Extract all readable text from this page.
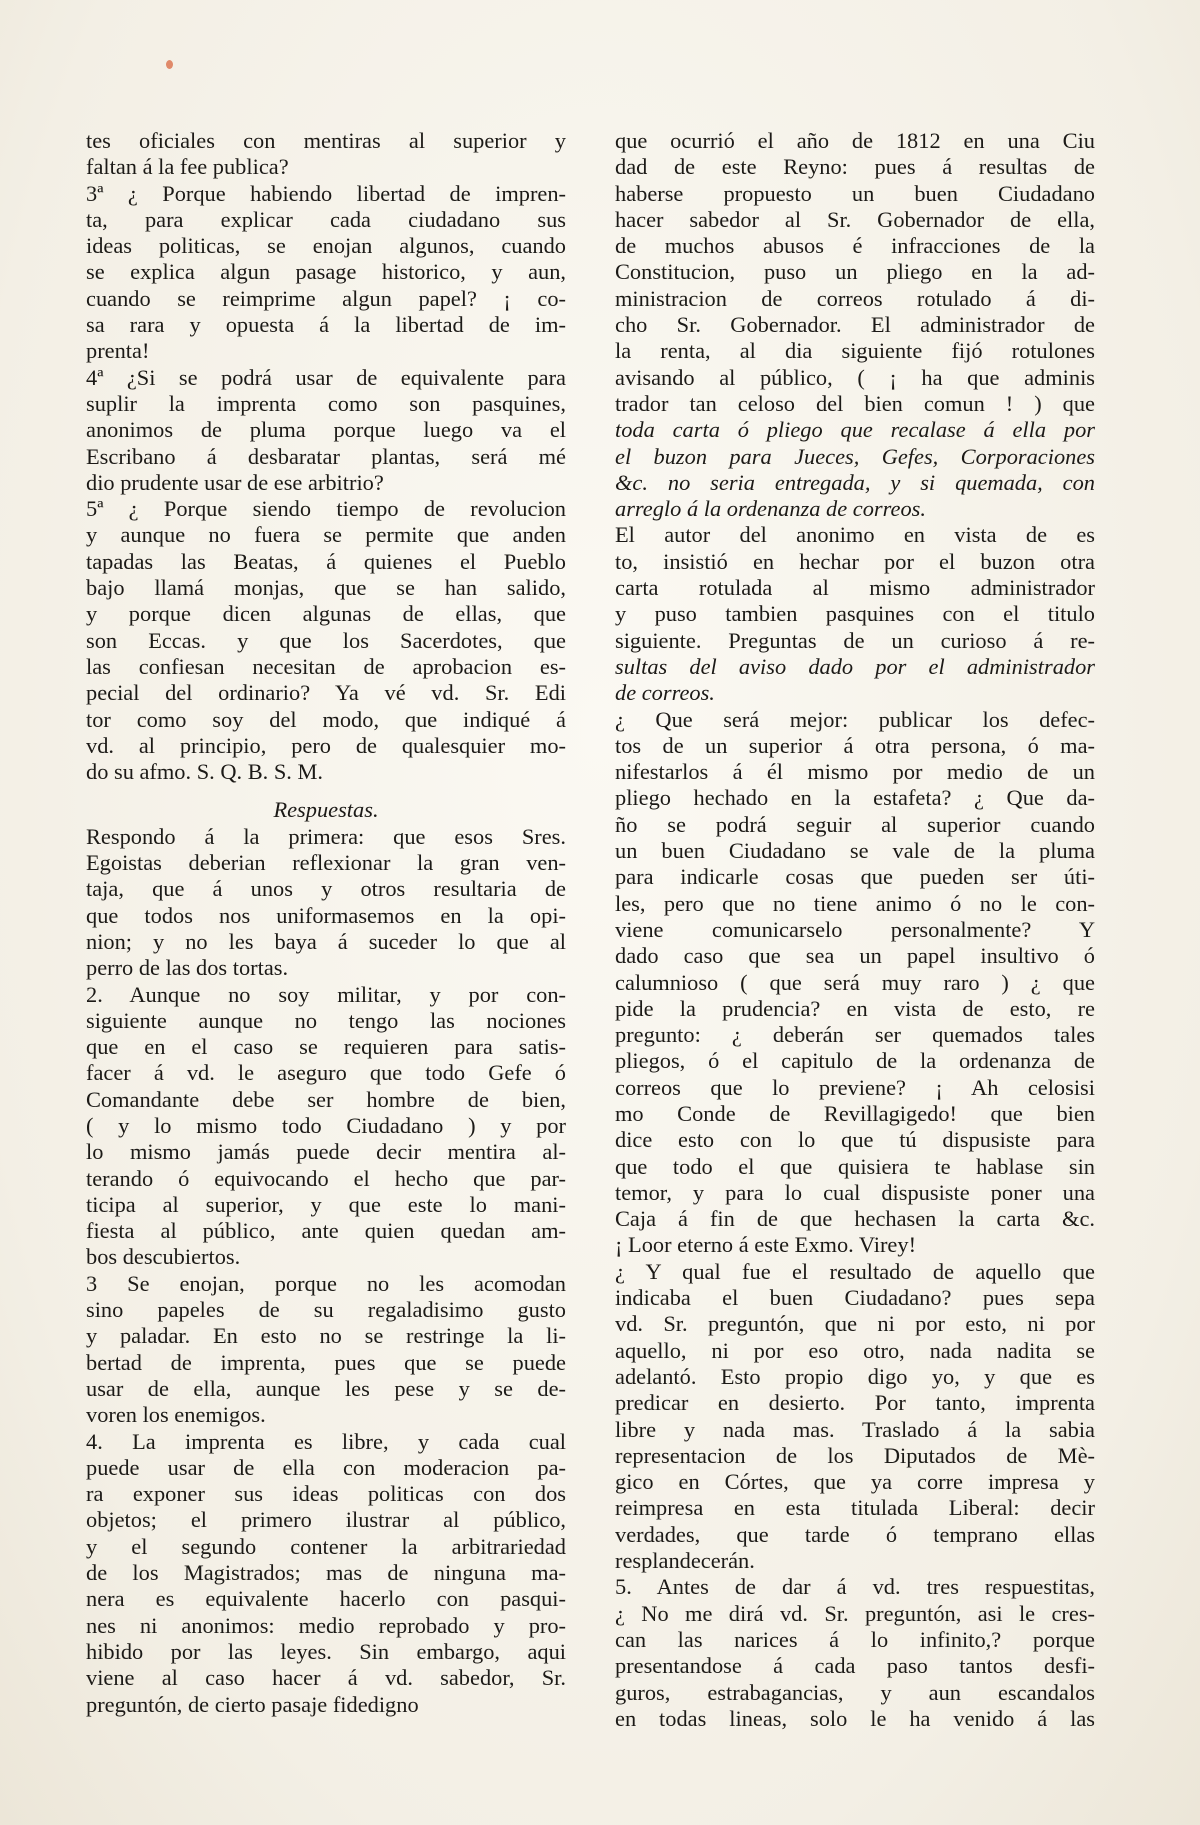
tes oficiales con mentiras al superior y
faltan á la fee publica?
3ª ¿ Porque habiendo libertad de impren-
ta, para explicar cada ciudadano sus
ideas politicas, se enojan algunos, cuando
se explica algun pasage historico, y aun,
cuando se reimprime algun papel? ¡ co-
sa rara y opuesta á la libertad de im-
prenta!
4ª ¿Si se podrá usar de equivalente para
suplir la imprenta como son pasquines,
anonimos de pluma porque luego va el
Escribano á desbaratar plantas, será mé
dio prudente usar de ese arbitrio?
5ª ¿ Porque siendo tiempo de revolucion
y aunque no fuera se permite que anden
tapadas las Beatas, á quienes el Pueblo
bajo llamá monjas, que se han salido,
y porque dicen algunas de ellas, que
son Eccas. y que los Sacerdotes, que
las confiesan necesitan de aprobacion es-
pecial del ordinario? Ya vé vd. Sr. Edi
tor como soy del modo, que indiqué á
vd. al principio, pero de qualesquier mo-
do su afmo. S. Q. B. S. M.
Respuestas.
Respondo á la primera: que esos Sres.
Egoistas deberian reflexionar la gran ven-
taja, que á unos y otros resultaria de
que todos nos uniformasemos en la opi-
nion; y no les baya á suceder lo que al
perro de las dos tortas.
2. Aunque no soy militar, y por con-
siguiente aunque no tengo las nociones
que en el caso se requieren para satis-
facer á vd. le aseguro que todo Gefe ó
Comandante debe ser hombre de bien,
( y lo mismo todo Ciudadano ) y por
lo mismo jamás puede decir mentira al-
terando ó equivocando el hecho que par-
ticipa al superior, y que este lo mani-
fiesta al público, ante quien quedan am-
bos descubiertos.
3 Se enojan, porque no les acomodan
sino papeles de su regaladisimo gusto
y paladar. En esto no se restringe la li-
bertad de imprenta, pues que se puede
usar de ella, aunque les pese y se de-
voren los enemigos.
4. La imprenta es libre, y cada cual
puede usar de ella con moderacion pa-
ra exponer sus ideas politicas con dos
objetos; el primero ilustrar al público,
y el segundo contener la arbitrariedad
de los Magistrados; mas de ninguna ma-
nera es equivalente hacerlo con pasqui-
nes ni anonimos: medio reprobado y pro-
hibido por las leyes. Sin embargo, aqui
viene al caso hacer á vd. sabedor, Sr.
preguntón, de cierto pasaje fidedigno
que ocurrió el año de 1812 en una Ciu
dad de este Reyno: pues á resultas de
haberse propuesto un buen Ciudadano
hacer sabedor al Sr. Gobernador de ella,
de muchos abusos é infracciones de la
Constitucion, puso un pliego en la ad-
ministracion de correos rotulado á di-
cho Sr. Gobernador. El administrador de
la renta, al dia siguiente fijó rotulones
avisando al público, ( ¡ ha que adminis
trador tan celoso del bien comun ! ) que
toda carta ó pliego que recalase á ella por
el buzon para Jueces, Gefes, Corporaciones
&c. no seria entregada, y si quemada, con
arreglo á la ordenanza de correos.
El autor del anonimo en vista de es
to, insistió en hechar por el buzon otra
carta rotulada al mismo administrador
y puso tambien pasquines con el titulo
siguiente. Preguntas de un curioso á re-
sultas del aviso dado por el administrador
de correos.
¿ Que será mejor: publicar los defec-
tos de un superior á otra persona, ó ma-
nifestarlos á él mismo por medio de un
pliego hechado en la estafeta? ¿ Que da-
ño se podrá seguir al superior cuando
un buen Ciudadano se vale de la pluma
para indicarle cosas que pueden ser úti-
les, pero que no tiene animo ó no le con-
viene comunicarselo personalmente? Y
dado caso que sea un papel insultivo ó
calumnioso ( que será muy raro ) ¿ que
pide la prudencia? en vista de esto, re
pregunto: ¿ deberán ser quemados tales
pliegos, ó el capitulo de la ordenanza de
correos que lo previene? ¡ Ah celosisi
mo Conde de Revillagigedo! que bien
dice esto con lo que tú dispusiste para
que todo el que quisiera te hablase sin
temor, y para lo cual dispusiste poner una
Caja á fin de que hechasen la carta &c.
¡ Loor eterno á este Exmo. Virey!
¿ Y qual fue el resultado de aquello que
indicaba el buen Ciudadano? pues sepa
vd. Sr. preguntón, que ni por esto, ni por
aquello, ni por eso otro, nada nadita se
adelantó. Esto propio digo yo, y que es
predicar en desierto. Por tanto, imprenta
libre y nada mas. Traslado á la sabia
representacion de los Diputados de Mè-
gico en Córtes, que ya corre impresa y
reimpresa en esta titulada Liberal: decir
verdades, que tarde ó temprano ellas
resplandecerán.
5. Antes de dar á vd. tres respuestitas,
¿ No me dirá vd. Sr. preguntón, asi le cres-
can las narices á lo infinito,? porque
presentandose á cada paso tantos desfi-
guros, estrabagancias, y aun escandalos
en todas lineas, solo le ha venido á las
